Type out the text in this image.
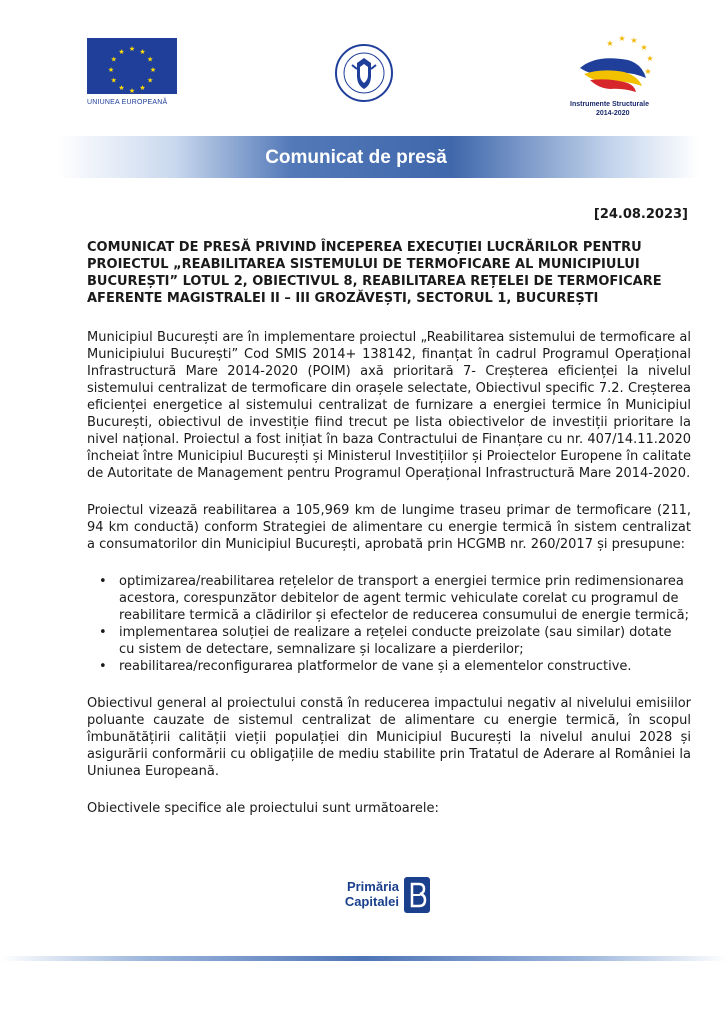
★ ★
★
★
★
★
★
★
★
★
★
★
UNIUNEA EUROPEANĂ
★
★ ★
★
★
★
Instrumente Structurale
2014-2020
Comunicat de presă
[24.08.2023]

COMUNICAT DE PRESĂ PRIVIND ÎNCEPEREA EXECUȚIEI LUCRĂRILOR PENTRU PROIECTUL „REABILITAREA SISTEMULUI DE TERMOFICARE AL MUNICIPIULUI BUCUREȘTI” LOTUL 2, OBIECTIVUL 8, REABILITAREA REȚELEI DE TERMOFICARE AFERENTE MAGISTRALEI II – III GROZĂVEȘTI, SECTORUL 1, BUCUREȘTI

Municipiul București are în implementare proiectul „Reabilitarea sistemului de termoficare al Municipiului București” Cod SMIS 2014+ 138142, finanțat în cadrul Programul Operațional Infrastructură Mare 2014-2020 (POIM) axă prioritară 7- Creșterea eficienței la nivelul sistemului centralizat de termoficare din orașele selectate, Obiectivul specific 7.2. Creșterea eficienței energetice al sistemului centralizat de furnizare a energiei termice în Municipiul București, obiectivul de investiție fiind trecut pe lista obiectivelor de investiții prioritare la nivel național. Proiectul a fost inițiat în baza Contractului de Finanțare cu nr. 407/14.11.2020 încheiat între Municipiul București și Ministerul Investițiilor și Proiectelor Europene în calitate de Autoritate de Management pentru Programul Operațional Infrastructură Mare 2014-2020.

Proiectul vizează reabilitarea a 105,969 km de lungime traseu primar de termoficare (211, 94 km conductă) conform Strategiei de alimentare cu energie termică în sistem centralizat a consumatorilor din Municipiul București, aprobată prin HCGMB nr. 260/2017 și presupune:

• optimizarea/reabilitarea rețelelor de transport a energiei termice prin redimensionarea acestora, corespunzător debitelor de agent termic vehiculate corelat cu programul de reabilitare termică a clădirilor și efectelor de reducerea consumului de energie termică;
• implementarea soluției de realizare a rețelei conducte preizolate (sau similar) dotate cu sistem de detectare, semnalizare și localizare a pierderilor;
• reabilitarea/reconfigurarea platformelor de vane și a elementelor constructive.

Obiectivul general al proiectului constă în reducerea impactului negativ al nivelului emisiilor poluante cauzate de sistemul centralizat de alimentare cu energie termică, în scopul îmbunătățirii calității vieții populației din Municipiul București la nivelul anului 2028 și asigurării conformării cu obligațiile de mediu stabilite prin Tratatul de Aderare al României la Uniunea Europeană.

Obiectivele specifice ale proiectului sunt următoarele:

Primăria
Capitalei
